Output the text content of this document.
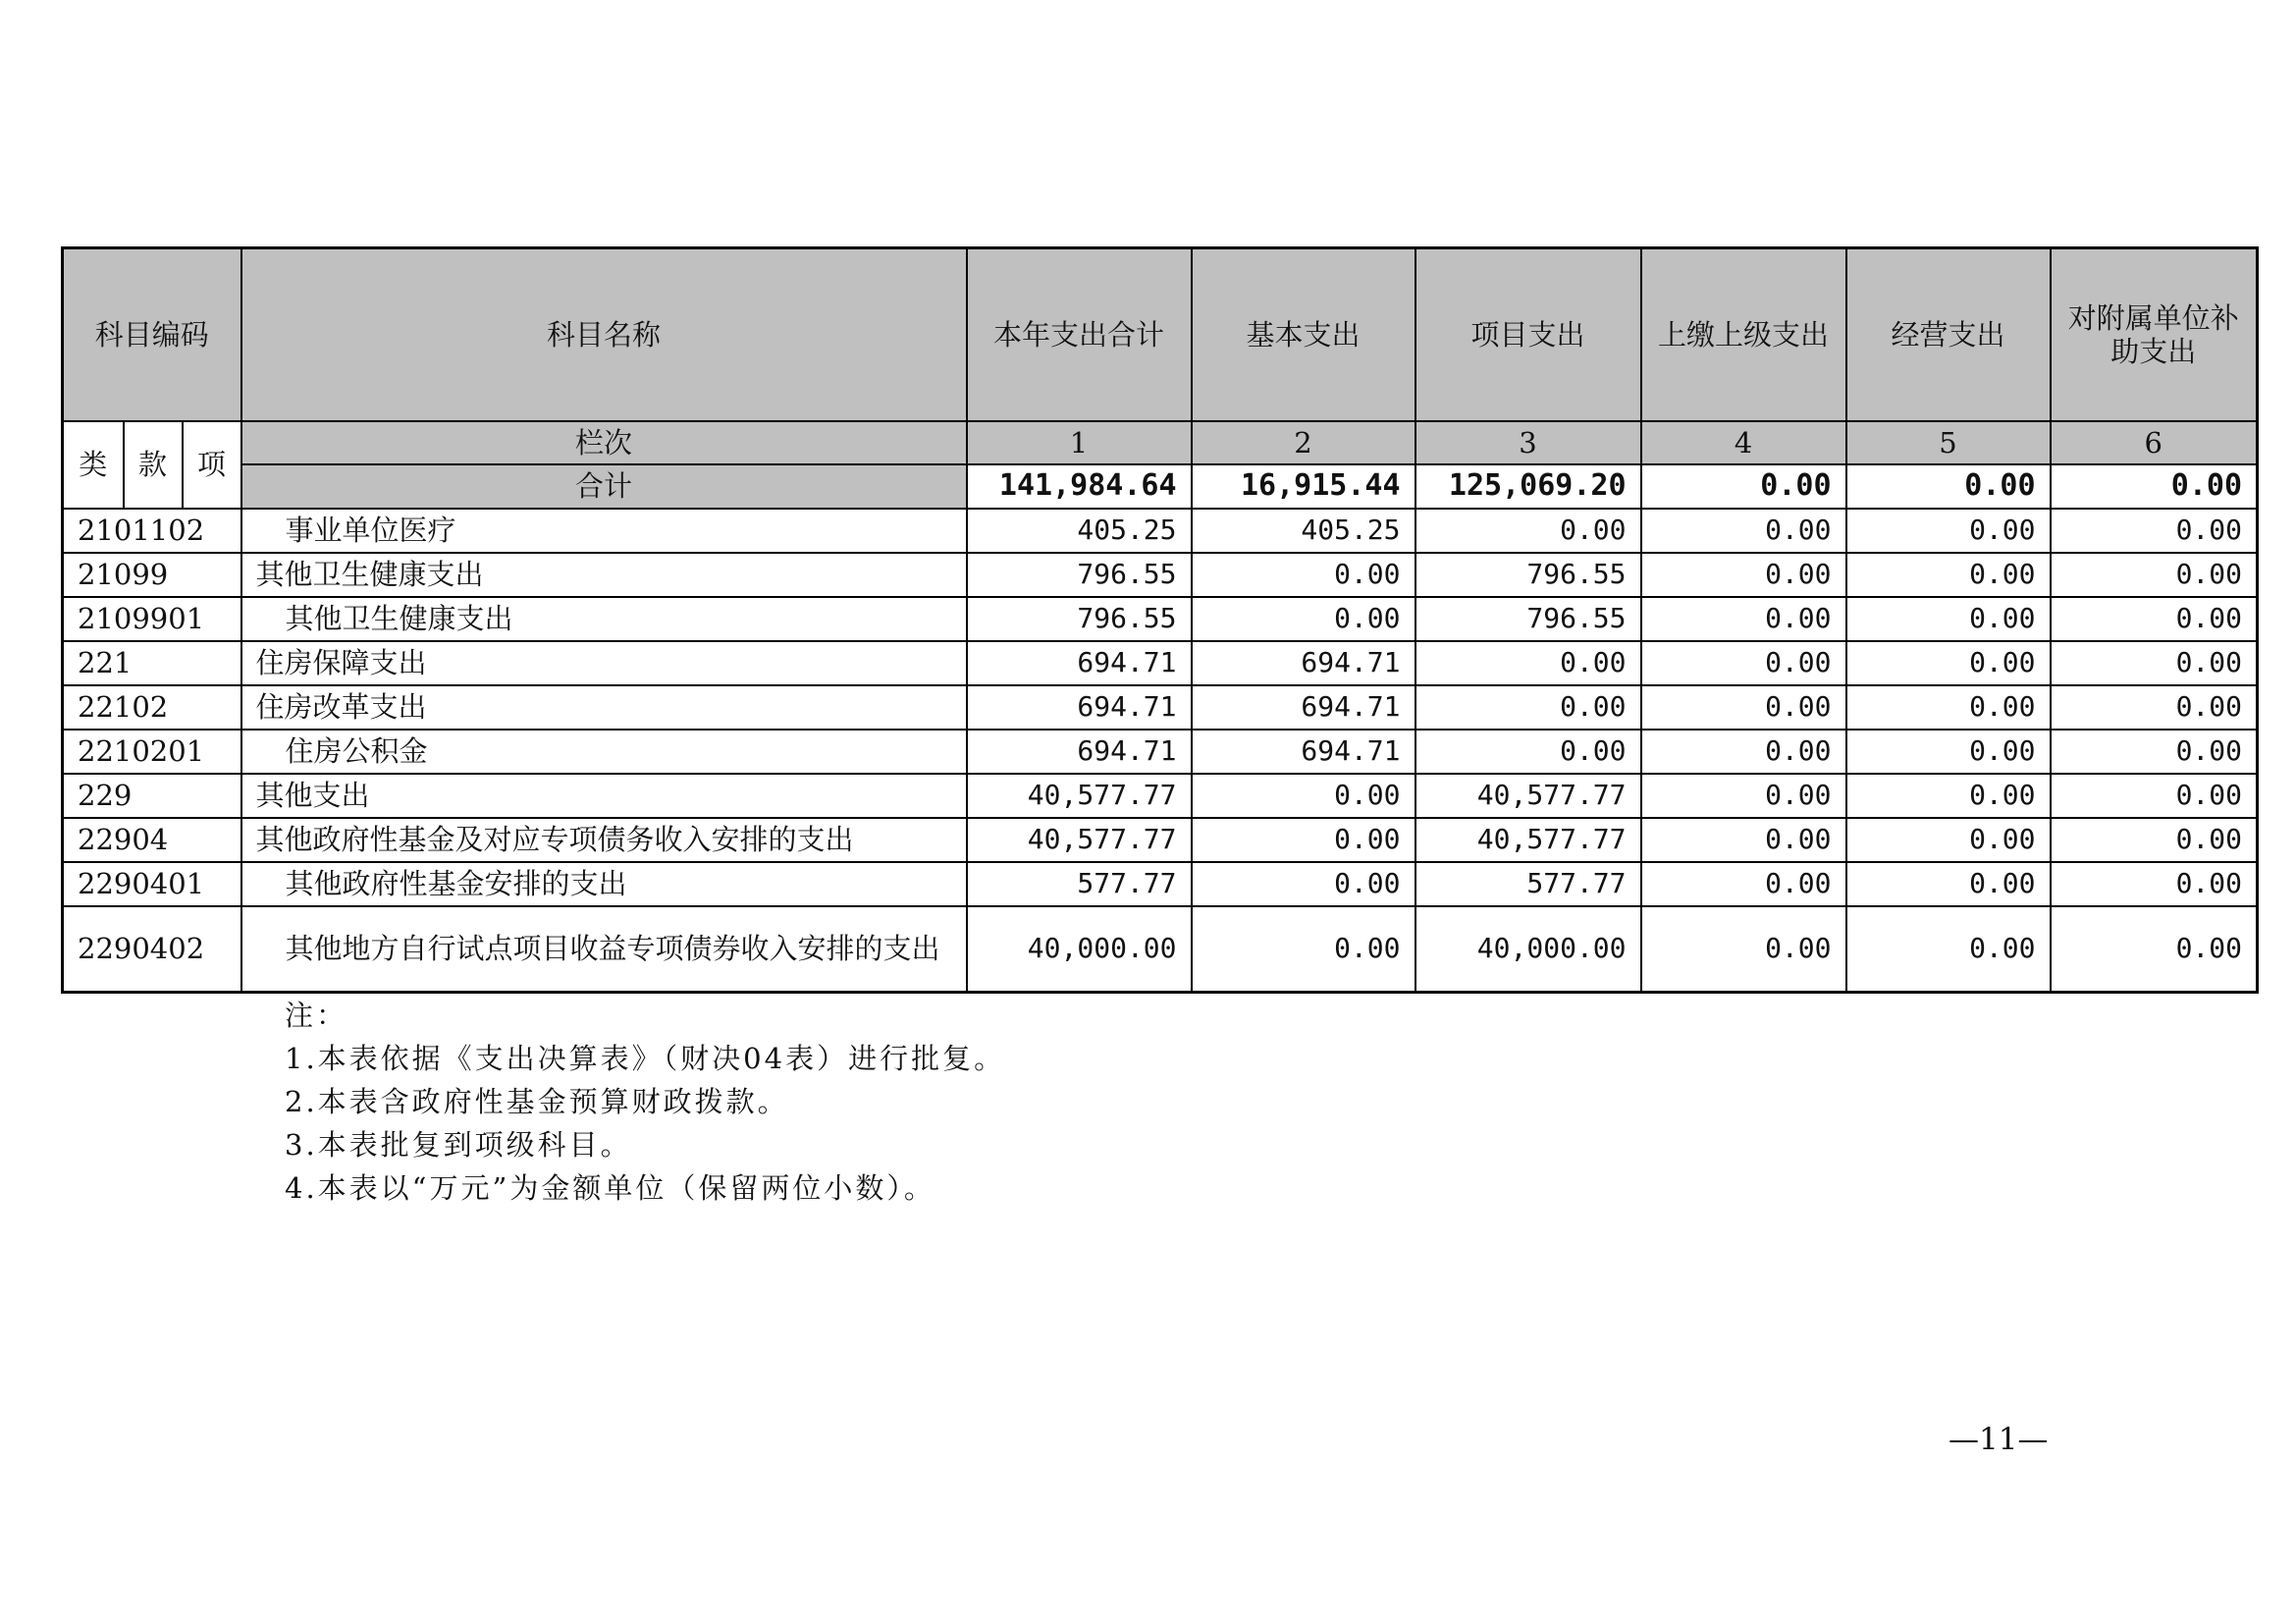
科目编码			科目名称	本年支出合计	基本支出	项目支出	上缴上级支出	经营支出	对附属单位补助支出
类	款	项	栏次	1	2	3	4	5	6
			合计	141,984.64	16,915.44	125,069.20	0.00	0.00	0.00
2101102			事业单位医疗	405.25	405.25	0.00	0.00	0.00	0.00
21099			其他卫生健康支出	796.55	0.00	796.55	0.00	0.00	0.00
2109901			其他卫生健康支出	796.55	0.00	796.55	0.00	0.00	0.00
221			住房保障支出	694.71	694.71	0.00	0.00	0.00	0.00
22102			住房改革支出	694.71	694.71	0.00	0.00	0.00	0.00
2210201			住房公积金	694.71	694.71	0.00	0.00	0.00	0.00
229			其他支出	40,577.77	0.00	40,577.77	0.00	0.00	0.00
22904			其他政府性基金及对应专项债务收入安排的支出	40,577.77	0.00	40,577.77	0.00	0.00	0.00
2290401			其他政府性基金安排的支出	577.77	0.00	577.77	0.00	0.00	0.00
2290402			其他地方自行试点项目收益专项债券收入安排的支出	40,000.00	0.00	40,000.00	0.00	0.00	0.00
注：
1.本表依据《支出决算表》（财决04表）进行批复。
2.本表含政府性基金预算财政拨款。
3.本表批复到项级科目。
4.本表以“万元”为金额单位（保留两位小数）。
—11—
